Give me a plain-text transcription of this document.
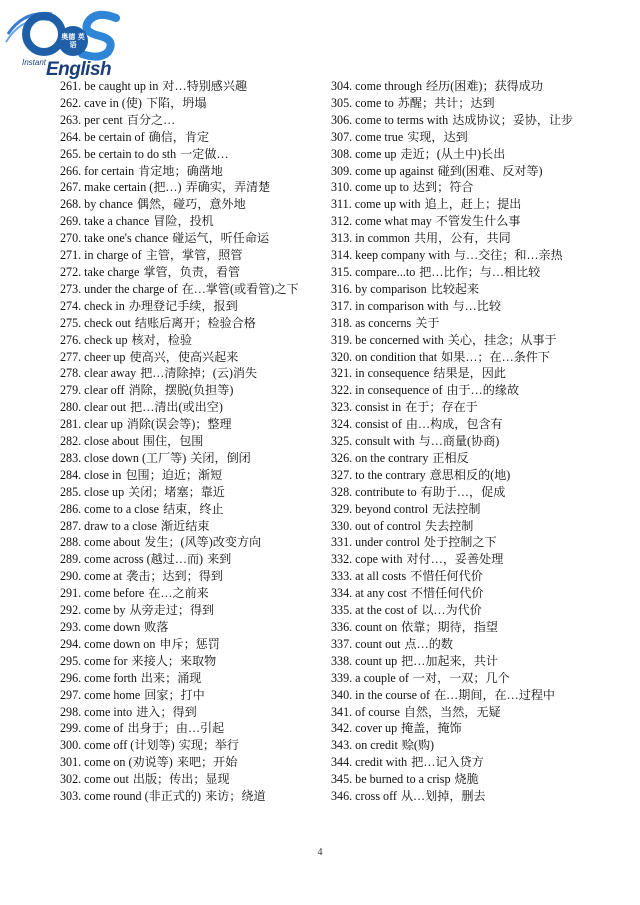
奥德 英语
Instant English

261. be caught up in 对…特别感兴趣

262. cave in (使) 下陷，坍塌

263. per cent 百分之…

264. be certain of 确信，肯定

265. be certain to do sth 一定做…

266. for certain 肯定地；确凿地

267. make certain (把…) 弄确实，弄清楚

268. by chance 偶然，碰巧，意外地

269. take a chance 冒险，投机

270. take one's chance 碰运气，听任命运

271. in charge of 主管，掌管，照管

272. take charge 掌管，负责，看管

273. under the charge of 在…掌管(或看管)之下

274. check in 办理登记手续，报到

275. check out 结账后离开；检验合格

276. check up 核对，检验

277. cheer up 使高兴，使高兴起来

278. clear away 把…清除掉；(云)消失

279. clear off 消除，摆脱(负担等)

280. clear out 把…清出(或出空)

281. clear up 消除(误会等)；整理

282. close about 围住，包围

283. close down (工厂等) 关闭，倒闭

284. close in 包围；迫近；渐短

285. close up 关闭；堵塞；靠近

286. come to a close 结束，终止

287. draw to a close 渐近结束

288. come about 发生；(风等)改变方向

289. come across (越过…而) 来到

290. come at 袭击；达到；得到

291. come before 在…之前来

292. come by 从旁走过；得到

293. come down 败落

294. come down on 申斥；惩罚

295. come for 来接人；来取物

296. come forth 出来；涌现

297. come home 回家；打中

298. come into 进入；得到

299. come of 出身于；由…引起

300. come off (计划等) 实现；举行

301. come on (劝说等) 来吧；开始

302. come out 出版；传出；显现

303. come round (非正式的) 来访；绕道

304. come through 经历(困难)；获得成功

305. come to 苏醒；共计；达到

306. come to terms with 达成协议；妥协，让步

307. come true 实现，达到

308. come up 走近；(从土中)长出

309. come up against 碰到(困难、反对等)

310. come up to 达到；符合

311. come up with 追上，赶上；提出

312. come what may 不管发生什么事

313. in common 共用，公有，共同

314. keep company with 与…交往；和…亲热

315. compare...to 把…比作；与…相比较

316. by comparison 比较起来

317. in comparison with 与…比较

318. as concerns 关于

319. be concerned with 关心，挂念；从事于

320. on condition that 如果…；在…条件下

321. in consequence 结果是，因此

322. in consequence of 由于…的缘故

323. consist in 在于；存在于

324. consist of 由…构成，包含有

325. consult with 与…商量(协商)

326. on the contrary 正相反

327. to the contrary 意思相反的(地)

328. contribute to 有助于…，促成

329. beyond control 无法控制

330. out of control 失去控制

331. under control 处于控制之下

332. cope with 对付…，妥善处理

333. at all costs 不惜任何代价

334. at any cost 不惜任何代价

335. at the cost of 以…为代价

336. count on 依靠；期待，指望

337. count out 点…的数

338. count up 把…加起来，共计

339. a couple of 一对，一双；几个

340. in the course of 在…期间，在…过程中

341. of course 自然，当然，无疑

342. cover up 掩盖，掩饰

343. on credit 赊(购)

344. credit with 把…记入贷方

345. be burned to a crisp 烧脆

346. cross off 从…划掉，删去

4
